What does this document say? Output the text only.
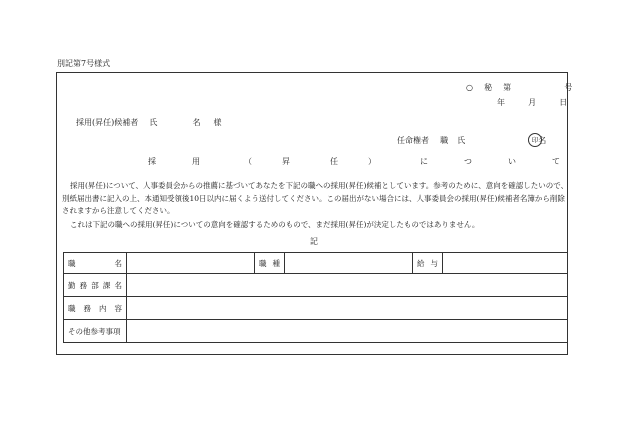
別記第7号様式
○ 秘 第	号
年	月	日
採用(昇任)候補者 氏	名 様
任命権者 職 氏	名
印
採	用	（	昇	任	）	に	つ	い	て
採用(昇任)について、人事委員会からの推薦に基づいてあなたを下記の職への採用(昇任)候補としています。参考のために、意向を確認したいので、別紙届出書に記入の上、本通知受領後10日以内に届くよう送付してください。この届出がない場合には、人事委員会の採用(昇任)候補者名簿から削除されますから注意してください。
これは下記の職への採用(昇任)についての意向を確認するためのもので、まだ採用(昇任)が決定したものではありません。
記
職 名		職 種		給 与	

勤 務 部 課 名					

職 務 内 容					

その他参考事項					
